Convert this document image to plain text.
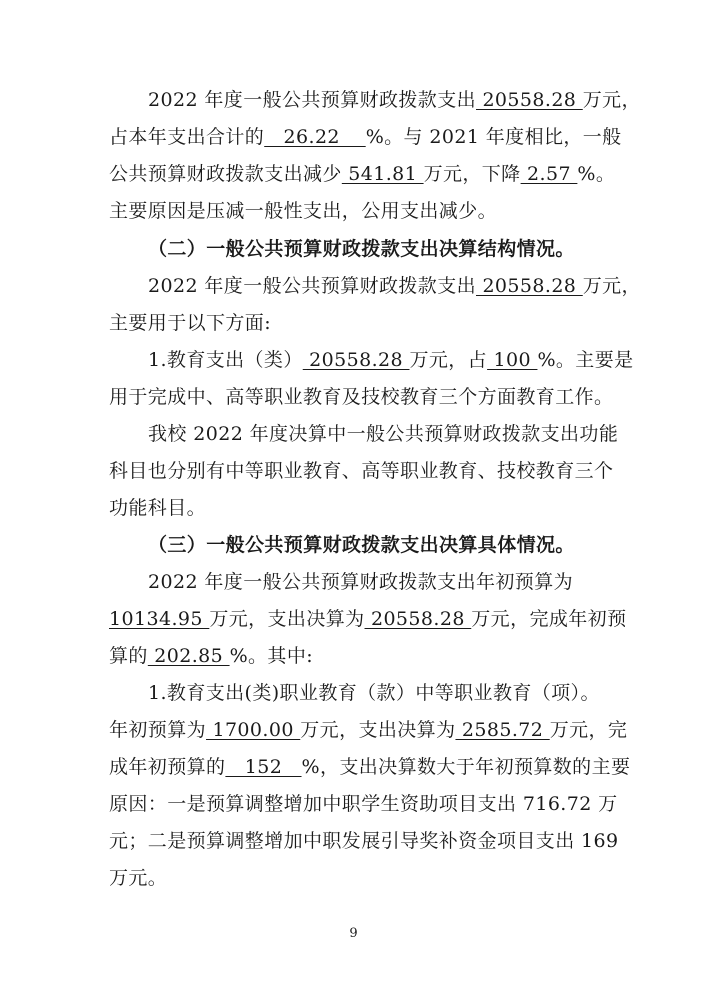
2022 年度一般公共预算财政拨款支出 20558.28 万元，
占本年支出合计的   26.22    %。与 2021 年度相比，一般
公共预算财政拨款支出减少 541.81 万元，下降 2.57 %。
主要原因是压减一般性支出，公用支出减少。
（二）一般公共预算财政拨款支出决算结构情况。
2022 年度一般公共预算财政拨款支出 20558.28 万元，
主要用于以下方面:
1.教育支出（类） 20558.28 万元，占 100 %。主要是
用于完成中、高等职业教育及技校教育三个方面教育工作。
我校 2022 年度决算中一般公共预算财政拨款支出功能
科目也分别有中等职业教育、高等职业教育、技校教育三个
功能科目。
（三）一般公共预算财政拨款支出决算具体情况。
2022 年度一般公共预算财政拨款支出年初预算为
10134.95 万元，支出决算为 20558.28 万元，完成年初预
算的 202.85 %。其中:
1.教育支出(类)职业教育（款）中等职业教育（项）。
年初预算为 1700.00 万元，支出决算为 2585.72 万元，完
成年初预算的   152   %，支出决算数大于年初预算数的主要
原因：一是预算调整增加中职学生资助项目支出 716.72 万
元；二是预算调整增加中职发展引导奖补资金项目支出 169
万元。
9
